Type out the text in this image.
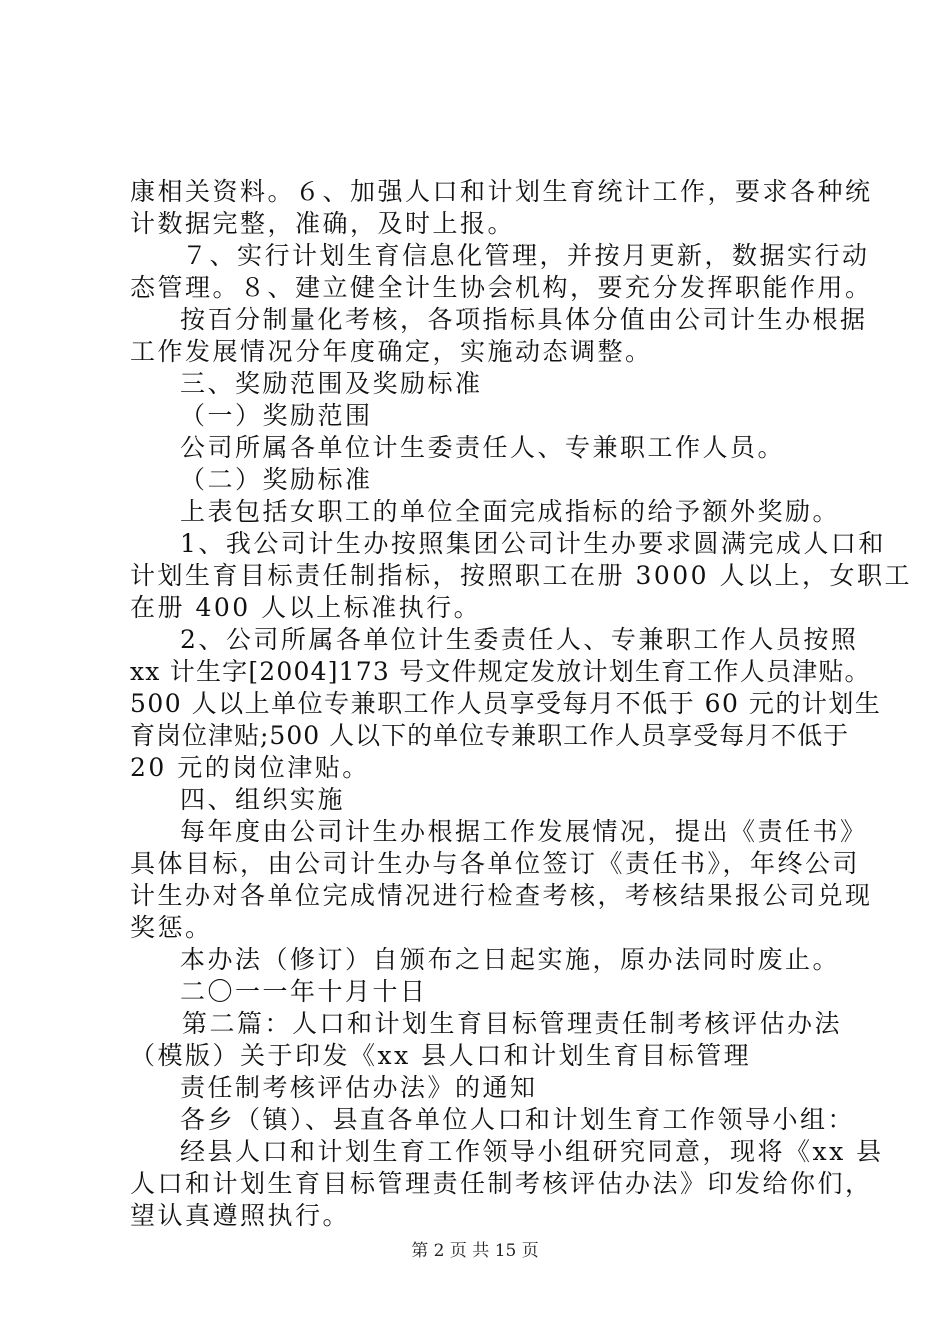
康相关资料。６、加强人口和计划生育统计工作，要求各种统
计数据完整，准确，及时上报。
７、实行计划生育信息化管理，并按月更新，数据实行动
态管理。８、建立健全计生协会机构，要充分发挥职能作用。
按百分制量化考核，各项指标具体分值由公司计生办根据
工作发展情况分年度确定，实施动态调整。
三、奖励范围及奖励标准
（一）奖励范围
公司所属各单位计生委责任人、专兼职工作人员。
（二）奖励标准
上表包括女职工的单位全面完成指标的给予额外奖励。
1、我公司计生办按照集团公司计生办要求圆满完成人口和
计划生育目标责任制指标，按照职工在册 3000 人以上，女职工
在册 400 人以上标准执行。
2、公司所属各单位计生委责任人、专兼职工作人员按照
xx 计生字[2004]173 号文件规定发放计划生育工作人员津贴。
500 人以上单位专兼职工作人员享受每月不低于 60 元的计划生
育岗位津贴;500 人以下的单位专兼职工作人员享受每月不低于
20 元的岗位津贴。
四、组织实施
每年度由公司计生办根据工作发展情况，提出《责任书》
具体目标，由公司计生办与各单位签订《责任书》，年终公司
计生办对各单位完成情况进行检查考核，考核结果报公司兑现
奖惩。
本办法（修订）自颁布之日起实施，原办法同时废止。
二〇一一年十月十日
第二篇：人口和计划生育目标管理责任制考核评估办法
（模版）关于印发《xx 县人口和计划生育目标管理
责任制考核评估办法》的通知
各乡（镇）、县直各单位人口和计划生育工作领导小组：
经县人口和计划生育工作领导小组研究同意，现将《xx 县
人口和计划生育目标管理责任制考核评估办法》印发给你们，
望认真遵照执行。
第 2 页 共 15 页
